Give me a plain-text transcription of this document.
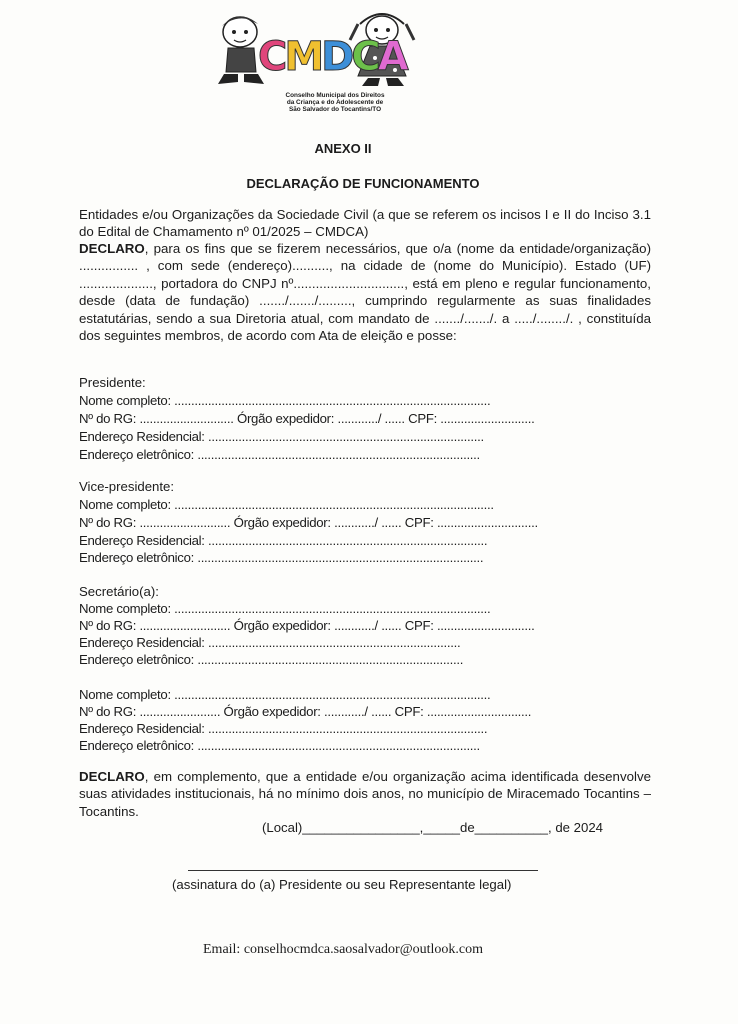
CMDCA
Conselho Municipal dos Direitos
da Criança e do Adolescente de
São Salvador do Tocantins/TO
ANEXO II
DECLARAÇÃO DE FUNCIONAMENTO
Entidades e/ou Organizações da Sociedade Civil (a que se referem os incisos I e II do Inciso 3.1 do Edital de Chamamento nº 01/2025 – CMDCA)
DECLARO, para os fins que se fizerem necessários, que o/a (nome da entidade/organização) ................ , com sede (endereço).........., na cidade de (nome do Município). Estado (UF) ...................., portadora do CNPJ nº.............................., está em pleno e regular funcionamento, desde (data de fundação) ......./......./........., cumprindo regularmente as suas finalidades estatutárias, sendo a sua Diretoria atual, com mandato de ......./......./. a ...../......../. , constituída dos seguintes membros, de acordo com Ata de eleição e posse:
Presidente:
Nome completo: ..............................................................................................
Nº do RG: ............................ Órgão expedidor: ............/ ...... CPF: ............................
Endereço Residencial: ..................................................................................
Endereço eletrônico: ....................................................................................
Vice-presidente:
Nome completo: ...............................................................................................
Nº do RG: ........................... Órgão expedidor: ............/ ...... CPF: ..............................
Endereço Residencial: ...................................................................................
Endereço eletrônico: .....................................................................................
Secretário(a):
Nome completo: ..............................................................................................
Nº do RG: ........................... Órgão expedidor: ............/ ...... CPF: .............................
Endereço Residencial: ...........................................................................
Endereço eletrônico: ...............................................................................
Nome completo: ..............................................................................................
Nº do RG: ........................ Órgão expedidor: ............/ ...... CPF: ...............................
Endereço Residencial: ...................................................................................
Endereço eletrônico: ....................................................................................
DECLARO, em complemento, que a entidade e/ou organização acima identificada desenvolve suas atividades institucionais, há no mínimo dois anos, no município de Miracemado Tocantins – Tocantins.
(Local)________________,_____de__________, de 2024
(assinatura do (a) Presidente ou seu Representante legal)
Email: conselhocmdca.saosalvador@outlook.com
